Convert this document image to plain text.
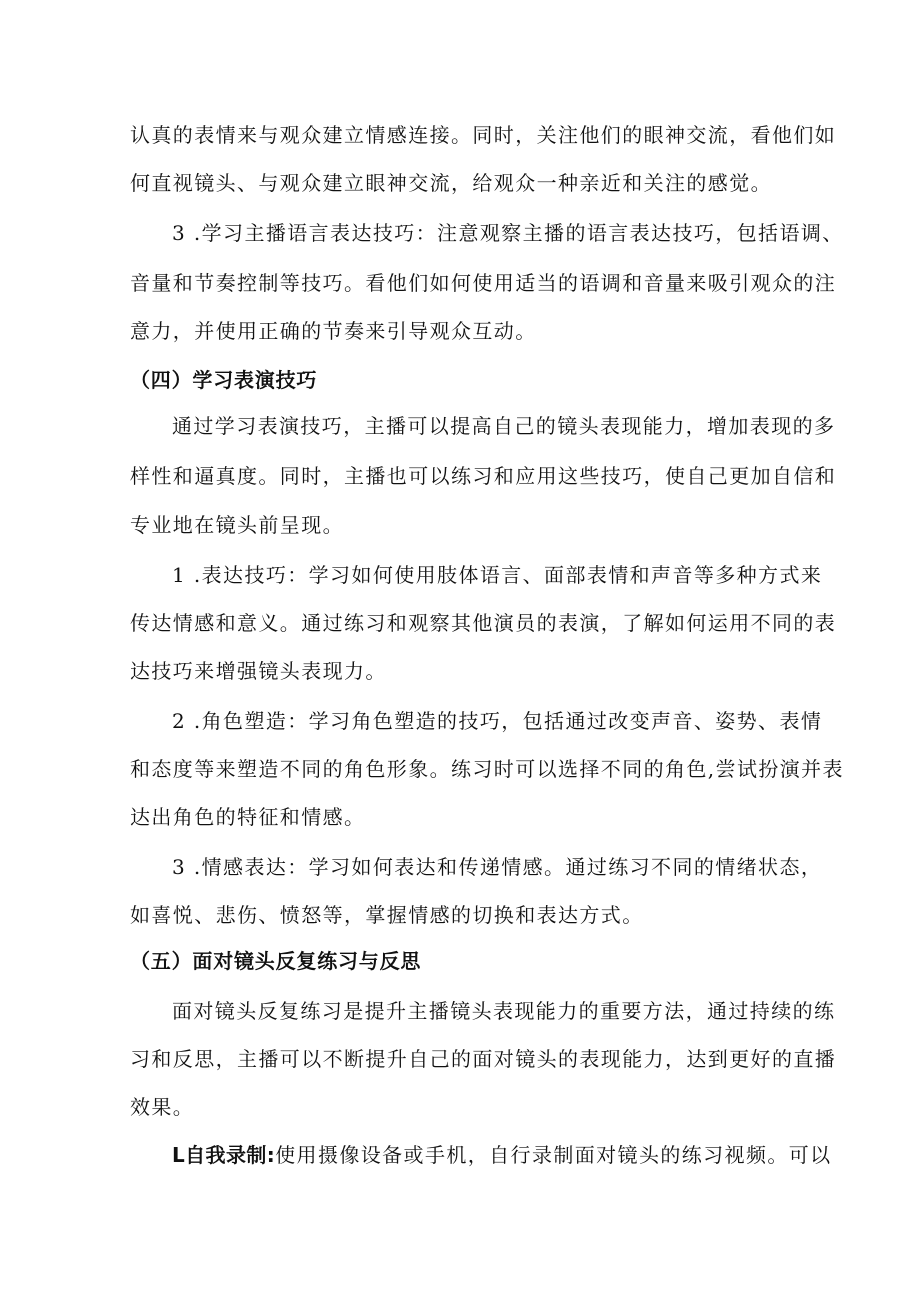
认真的表情来与观众建立情感连接。同时，关注他们的眼神交流，看他们如
何直视镜头、与观众建立眼神交流，给观众一种亲近和关注的感觉。
3 .学习主播语言表达技巧：注意观察主播的语言表达技巧，包括语调、
音量和节奏控制等技巧。看他们如何使用适当的语调和音量来吸引观众的注
意力，并使用正确的节奏来引导观众互动。
（四）学习表演技巧
通过学习表演技巧，主播可以提高自己的镜头表现能力，增加表现的多
样性和逼真度。同时，主播也可以练习和应用这些技巧，使自己更加自信和
专业地在镜头前呈现。
1 .表达技巧：学习如何使用肢体语言、面部表情和声音等多种方式来
传达情感和意义。通过练习和观察其他演员的表演，了解如何运用不同的表
达技巧来增强镜头表现力。
2 .角色塑造：学习角色塑造的技巧，包括通过改变声音、姿势、表情
和态度等来塑造不同的角色形象。练习时可以选择不同的角色,尝试扮演并表
达出角色的特征和情感。
3 .情感表达：学习如何表达和传递情感。通过练习不同的情绪状态，
如喜悦、悲伤、愤怒等，掌握情感的切换和表达方式。
（五）面对镜头反复练习与反思
面对镜头反复练习是提升主播镜头表现能力的重要方法，通过持续的练
习和反思，主播可以不断提升自己的面对镜头的表现能力，达到更好的直播
效果。
L自我录制:使用摄像设备或手机，自行录制面对镜头的练习视频。可以
